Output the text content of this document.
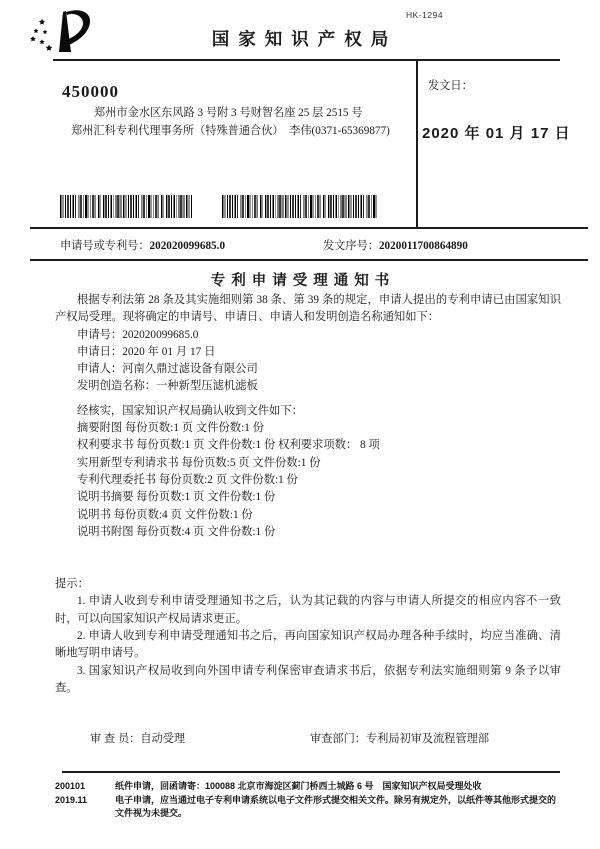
HK-1294
国家知识产权局
450000
郑州市金水区东风路 3 号附 3 号财智名座 25 层 2515 号
郑州汇科专利代理事务所（特殊普通合伙）　李伟(0371-65369877)
发文日：
2020 年 01 月 17 日
申请号或专利号：202020099685.0	发文序号：2020011700864890
专利申请受理通知书

根据专利法第 28 条及其实施细则第 38 条、第 39 条的规定，申请人提出的专利申请已由国家知识产权局受理。现将确定的申请号、申请日、申请人和发明创造名称通知如下：

申请号：202020099685.0
申请日：2020 年 01 月 17 日
申请人：河南久鼎过滤设备有限公司
发明创造名称：一种新型压滤机滤板
经核实，国家知识产权局确认收到文件如下：
摘要附图 每份页数:1 页 文件份数:1 份
权利要求书 每份页数:1 页 文件份数:1 份 权利要求项数： 8 项
实用新型专利请求书 每份页数:5 页 文件份数:1 份
专利代理委托书 每份页数:2 页 文件份数:1 份
说明书摘要 每份页数:1 页 文件份数:1 份
说明书 每份页数:4 页 文件份数:1 份
说明书附图 每份页数:4 页 文件份数:1 份
提示：

1. 申请人收到专利申请受理通知书之后，认为其记载的内容与申请人所提交的相应内容不一致时，可以向国家知识产权局请求更正。

2. 申请人收到专利申请受理通知书之后，再向国家知识产权局办理各种手续时，均应当准确、清晰地写明申请号。

3. 国家知识产权局收到向外国申请专利保密审查请求书后，依据专利法实施细则第 9 条予以审查。

审 查 员：自动受理	审查部门：专利局初审及流程管理部
200101	纸件申请，回函请寄：100088 北京市海淀区蓟门桥西土城路 6 号　国家知识产权局受理处收
2019.11	电子申请，应当通过电子专利申请系统以电子文件形式提交相关文件。除另有规定外，以纸件等其他形式提交的文件视为未提交。
